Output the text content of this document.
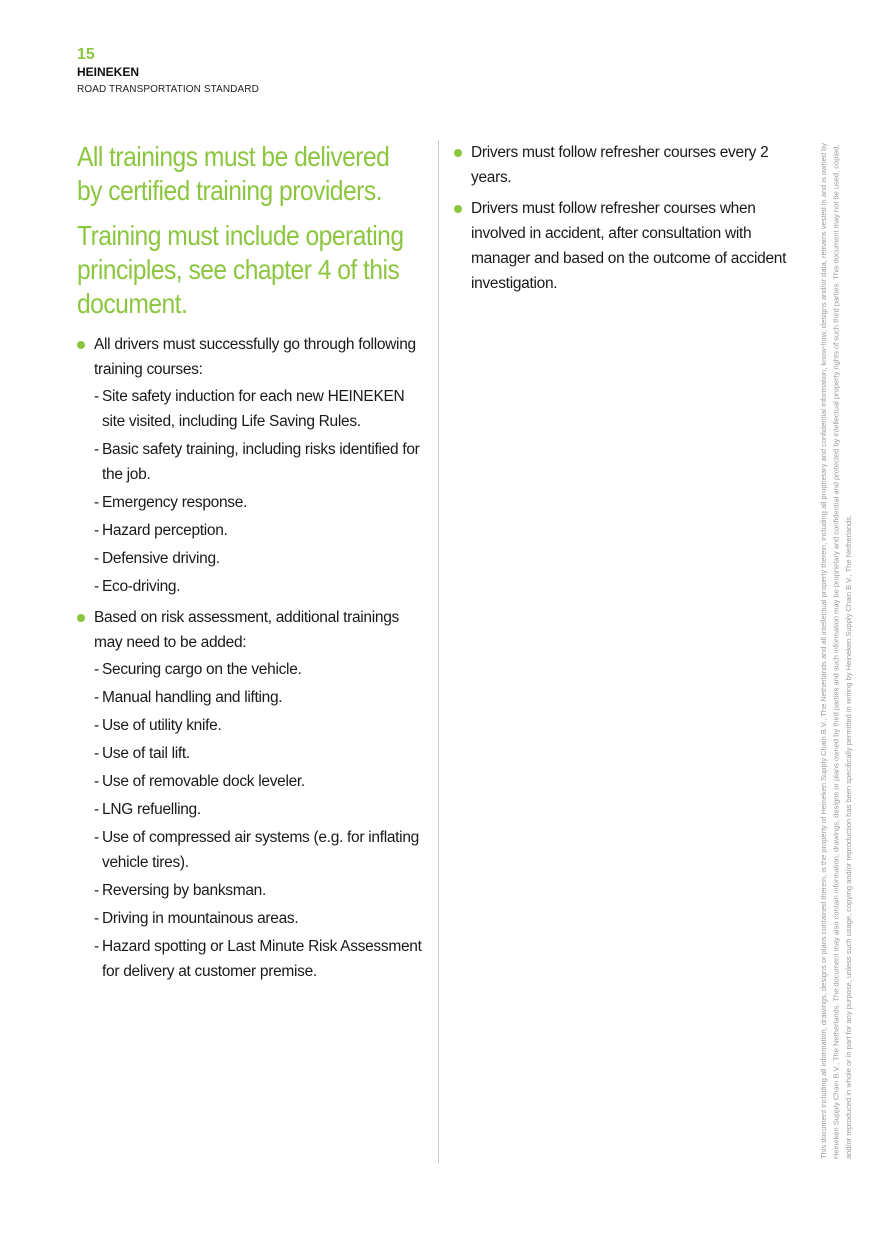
15
HEINEKEN
ROAD TRANSPORTATION STANDARD

All trainings must be delivered by certified training providers.

Training must include operating principles, see chapter 4 of this document.

All drivers must successfully go through following training courses:
- Site safety induction for each new HEINEKEN site visited, including Life Saving Rules.
- Basic safety training, including risks identified for the job.
- Emergency response.
- Hazard perception.
- Defensive driving.
- Eco-driving.
Based on risk assessment, additional trainings may need to be added:
- Securing cargo on the vehicle.
- Manual handling and lifting.
- Use of utility knife.
- Use of tail lift.
- Use of removable dock leveler.
- LNG refuelling.
- Use of compressed air systems (e.g. for inflating vehicle tires).
- Reversing by banksman.
- Driving in mountainous areas.
- Hazard spotting or Last Minute Risk Assessment for delivery at customer premise.
Drivers must follow refresher courses every 2 years.
Drivers must follow refresher courses when involved in accident, after consultation with manager and based on the outcome of accident investigation.	This document including all information, drawings, designs or plans contained therein, is the property of Heineken Supply Chain B.V., The Netherlands and all intellectual property therein, including all proprietary and confidential information, know-how, designs and/or data, remains vested in and is owned by Heineken Supply Chain B.V., The Netherlands. The document may also contain information, drawings, designs or plans owned by third parties and such information may be proprietary and confidential and protected by intellectual property rights of such third parties. This document may not be used, copied, and/or reproduced in whole or in part for any purpose, unless such usage, copying and/or reproduction has been specifically permitted in writing by Heineken Supply Chain B.V., The Netherlands.
